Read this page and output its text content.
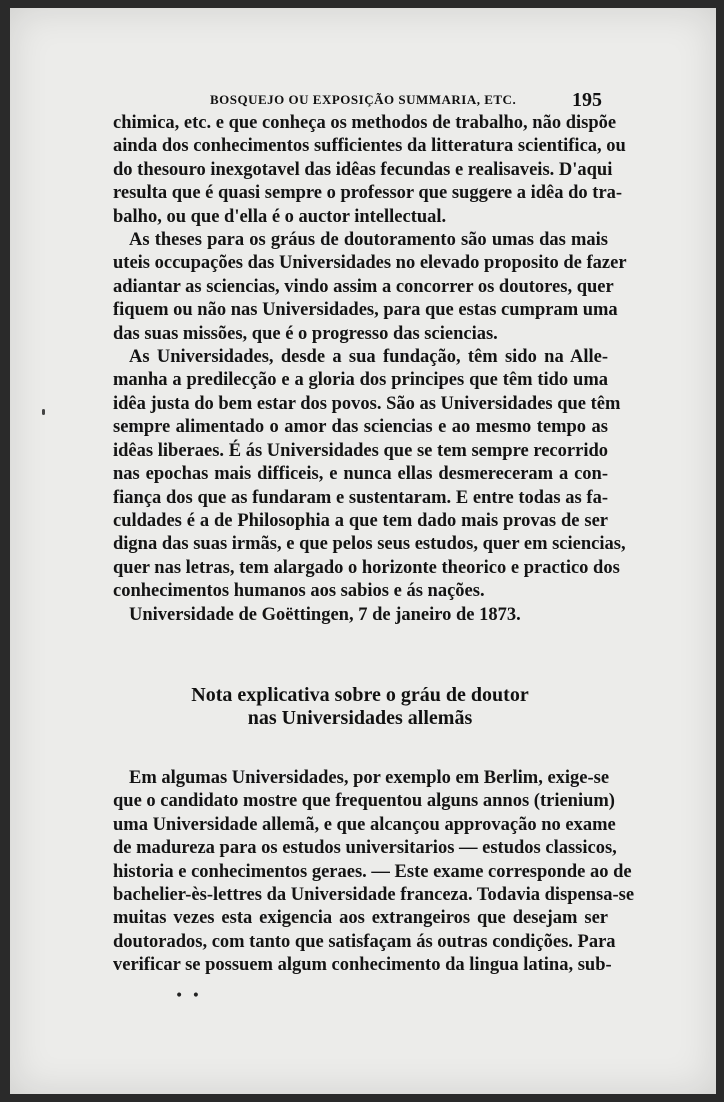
BOSQUEJO OU EXPOSIÇÃO SUMMARIA, ETC.	195
chimica, etc. e que conheça os methodos de trabalho, não dispõe
ainda dos conhecimentos sufficientes da litteratura scientifica, ou
do thesouro inexgotavel das idêas fecundas e realisaveis. D'aqui
resulta que é quasi sempre o professor que suggere a idêa do tra-
balho, ou que d'ella é o auctor intellectual.
As theses para os gráus de doutoramento são umas das mais
uteis occupações das Universidades no elevado proposito de fazer
adiantar as sciencias, vindo assim a concorrer os doutores, quer
fiquem ou não nas Universidades, para que estas cumpram uma
das suas missões, que é o progresso das sciencias.
As Universidades, desde a sua fundação, têm sido na Alle-
manha a predilecção e a gloria dos principes que têm tido uma
idêa justa do bem estar dos povos. São as Universidades que têm
sempre alimentado o amor das sciencias e ao mesmo tempo as
idêas liberaes. É ás Universidades que se tem sempre recorrido
nas epochas mais difficeis, e nunca ellas desmereceram a con-
fiança dos que as fundaram e sustentaram. E entre todas as fa-
culdades é a de Philosophia a que tem dado mais provas de ser
digna das suas irmãs, e que pelos seus estudos, quer em sciencias,
quer nas letras, tem alargado o horizonte theorico e practico dos
conhecimentos humanos aos sabios e ás nações.
Universidade de Goëttingen, 7 de janeiro de 1873.
Nota explicativa sobre o gráu de doutor
nas Universidades allemãs
Em algumas Universidades, por exemplo em Berlim, exige-se
que o candidato mostre que frequentou alguns annos (trienium)
uma Universidade allemã, e que alcançou approvação no exame
de madureza para os estudos universitarios — estudos classicos,
historia e conhecimentos geraes. — Este exame corresponde ao de
bachelier-ès-lettres da Universidade franceza. Todavia dispensa-se
muitas vezes esta exigencia aos extrangeiros que desejam ser
doutorados, com tanto que satisfaçam ás outras condições. Para
verificar se possuem algum conhecimento da lingua latina, sub-
• •
